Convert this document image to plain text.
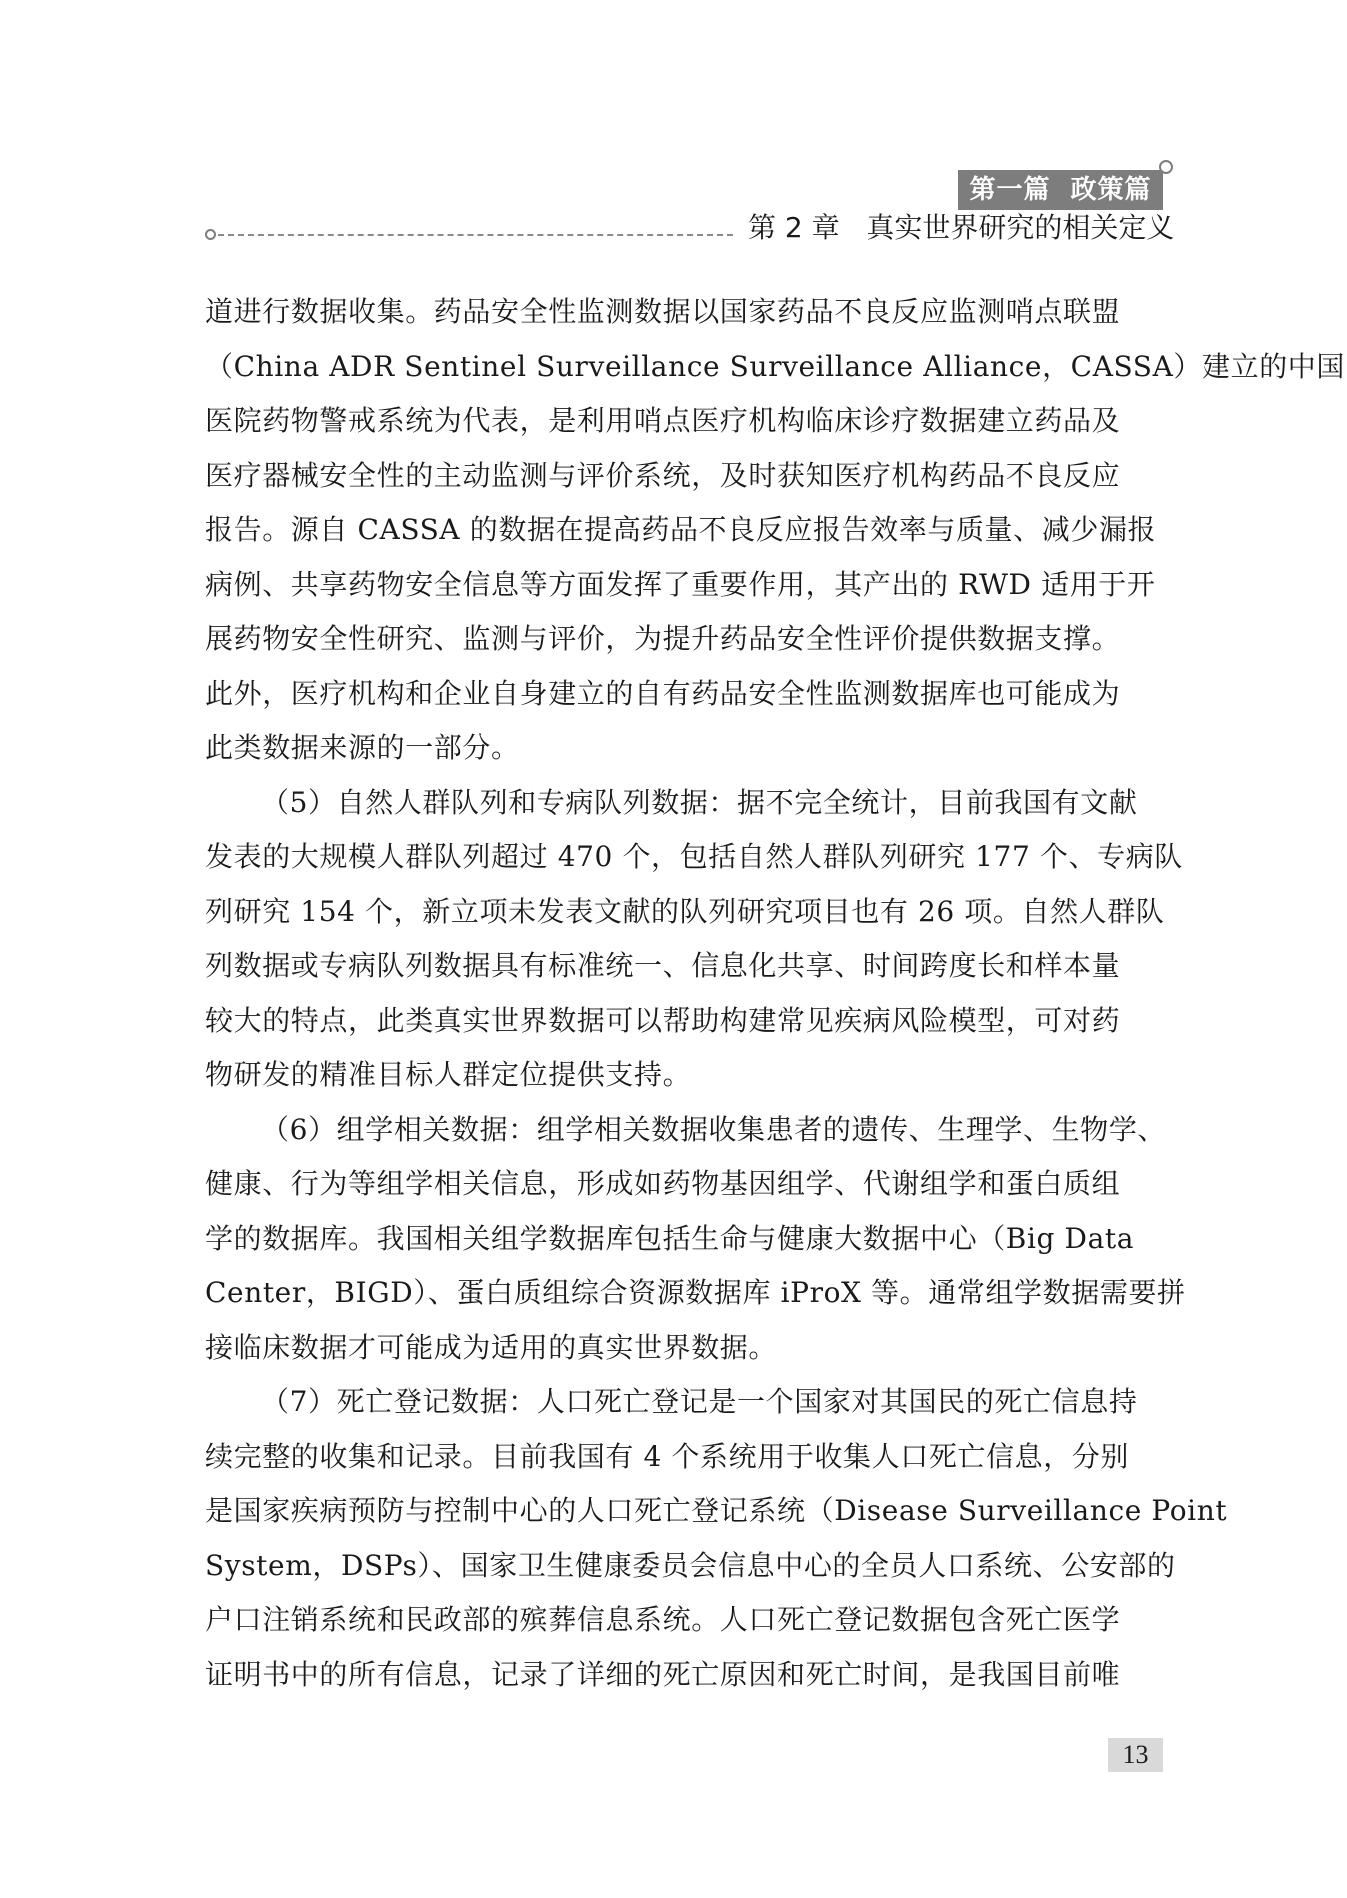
第一篇  政策篇
第 2 章   真实世界研究的相关定义
道进行数据收集。药品安全性监测数据以国家药品不良反应监测哨点联盟
（China ADR Sentinel Surveillance Surveillance Alliance，CASSA）建立的中国
医院药物警戒系统为代表，是利用哨点医疗机构临床诊疗数据建立药品及
医疗器械安全性的主动监测与评价系统，及时获知医疗机构药品不良反应
报告。源自 CASSA 的数据在提高药品不良反应报告效率与质量、减少漏报
病例、共享药物安全信息等方面发挥了重要作用，其产出的 RWD 适用于开
展药物安全性研究、监测与评价，为提升药品安全性评价提供数据支撑。
此外，医疗机构和企业自身建立的自有药品安全性监测数据库也可能成为
此类数据来源的一部分。
（5）自然人群队列和专病队列数据：据不完全统计，目前我国有文献
发表的大规模人群队列超过 470 个，包括自然人群队列研究 177 个、专病队
列研究 154 个，新立项未发表文献的队列研究项目也有 26 项。自然人群队
列数据或专病队列数据具有标准统一、信息化共享、时间跨度长和样本量
较大的特点，此类真实世界数据可以帮助构建常见疾病风险模型，可对药
物研发的精准目标人群定位提供支持。
（6）组学相关数据：组学相关数据收集患者的遗传、生理学、生物学、
健康、行为等组学相关信息，形成如药物基因组学、代谢组学和蛋白质组
学的数据库。我国相关组学数据库包括生命与健康大数据中心（Big Data
Center，BIGD）、蛋白质组综合资源数据库 iProX 等。通常组学数据需要拼
接临床数据才可能成为适用的真实世界数据。
（7）死亡登记数据：人口死亡登记是一个国家对其国民的死亡信息持
续完整的收集和记录。目前我国有 4 个系统用于收集人口死亡信息，分别
是国家疾病预防与控制中心的人口死亡登记系统（Disease Surveillance Point
System，DSPs）、国家卫生健康委员会信息中心的全员人口系统、公安部的
户口注销系统和民政部的殡葬信息系统。人口死亡登记数据包含死亡医学
证明书中的所有信息，记录了详细的死亡原因和死亡时间，是我国目前唯
13
